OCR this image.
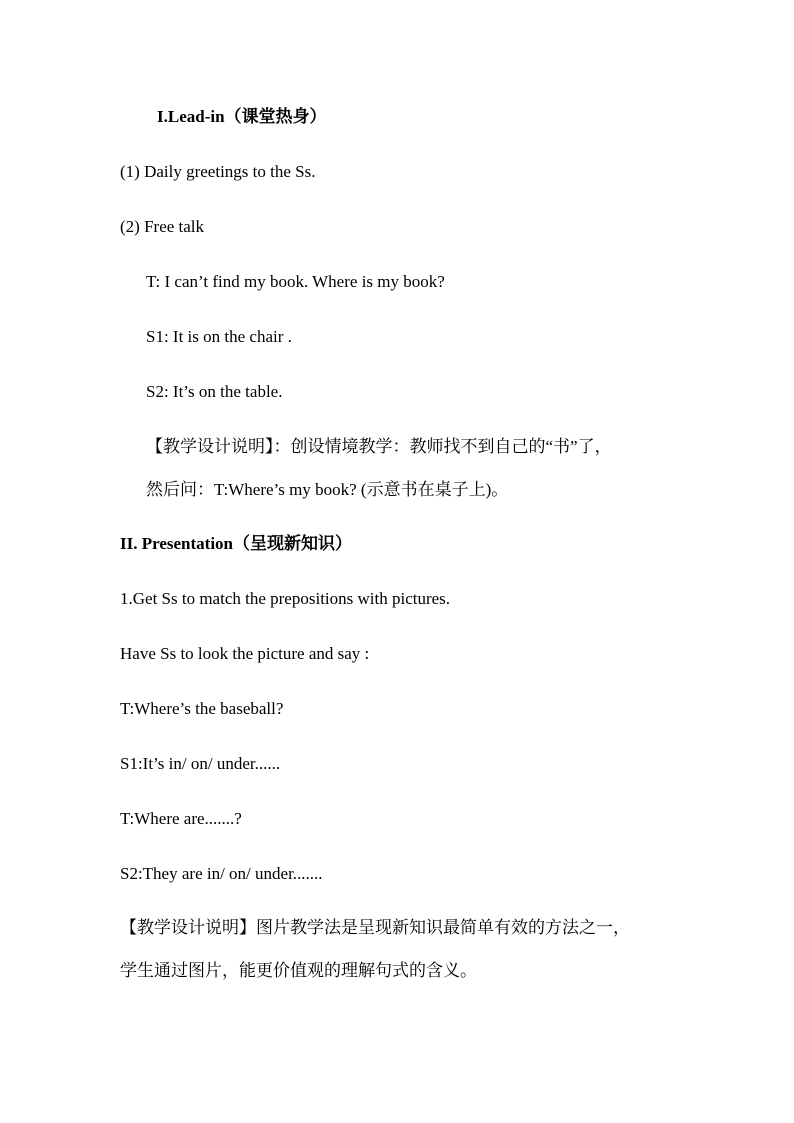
I.Lead-in（课堂热身）
(1) Daily greetings to the Ss.
(2) Free talk
T: I can’t find my book. Where is my book?
S1: It is on the chair .
S2: It’s on the table.
【教学设计说明】：创设情境教学：教师找不到自己的“书”了，
然后问：T:Where’s my book? (示意书在桌子上)。
II. Presentation（呈现新知识）
1.Get Ss to match the prepositions with pictures.
Have Ss to look the picture and say :
T:Where’s the baseball?
S1:It’s in/ on/ under......
T:Where are.......?
S2:They are in/ on/ under.......
【教学设计说明】图片教学法是呈现新知识最简单有效的方法之一，
学生通过图片，能更价值观的理解句式的含义。
